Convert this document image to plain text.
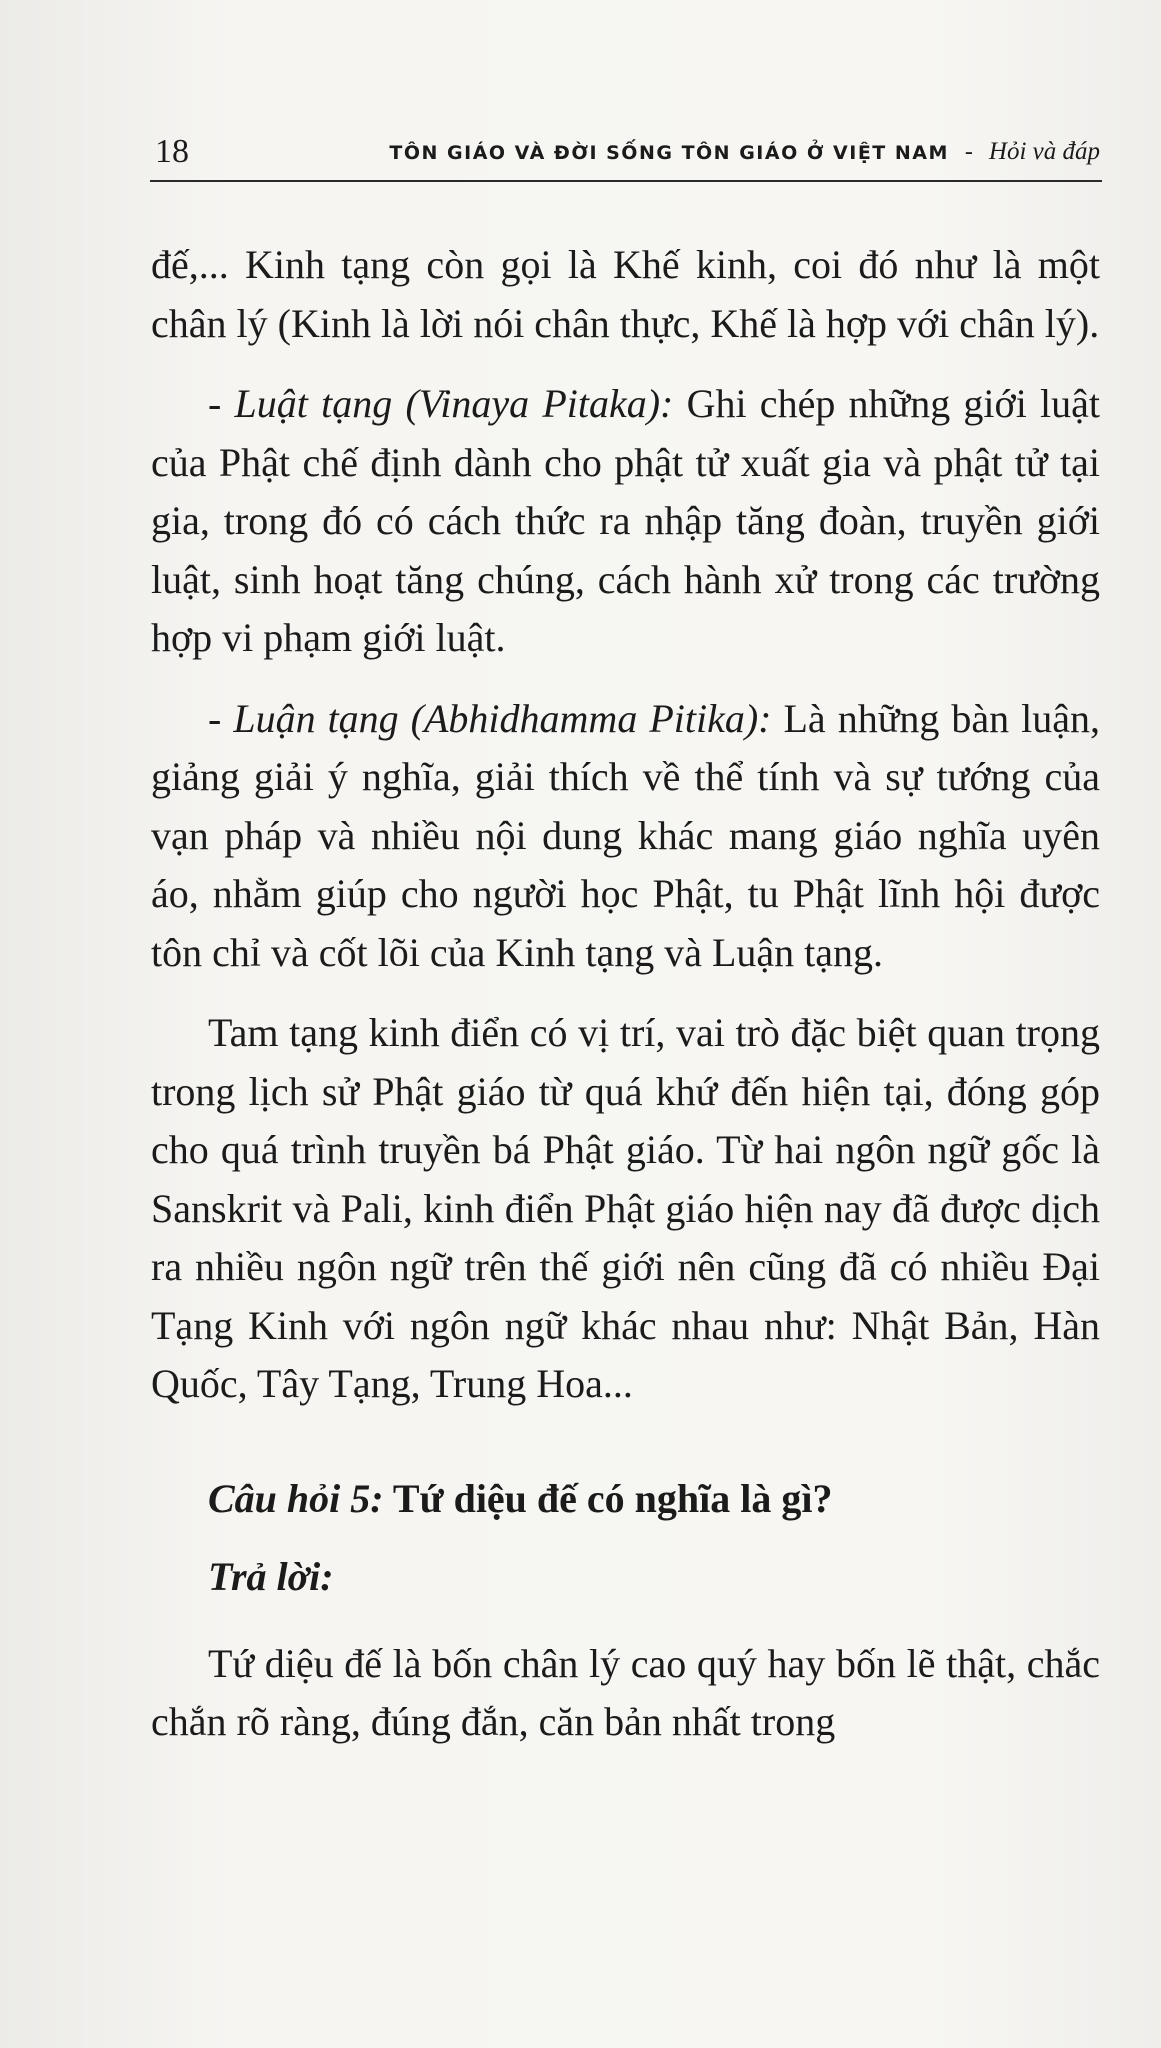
18	TÔN GIÁO VÀ ĐỜI SỐNG TÔN GIÁO Ở VIỆT NAM - Hỏi và đáp

đế,... Kinh tạng còn gọi là Khế kinh, coi đó như là một chân lý (Kinh là lời nói chân thực, Khế là hợp với chân lý).

- Luật tạng (Vinaya Pitaka): Ghi chép những giới luật của Phật chế định dành cho phật tử xuất gia và phật tử tại gia, trong đó có cách thức ra nhập tăng đoàn, truyền giới luật, sinh hoạt tăng chúng, cách hành xử trong các trường hợp vi phạm giới luật.

- Luận tạng (Abhidhamma Pitika): Là những bàn luận, giảng giải ý nghĩa, giải thích về thể tính và sự tướng của vạn pháp và nhiều nội dung khác mang giáo nghĩa uyên áo, nhằm giúp cho người học Phật, tu Phật lĩnh hội được tôn chỉ và cốt lõi của Kinh tạng và Luận tạng.

Tam tạng kinh điển có vị trí, vai trò đặc biệt quan trọng trong lịch sử Phật giáo từ quá khứ đến hiện tại, đóng góp cho quá trình truyền bá Phật giáo. Từ hai ngôn ngữ gốc là Sanskrit và Pali, kinh điển Phật giáo hiện nay đã được dịch ra nhiều ngôn ngữ trên thế giới nên cũng đã có nhiều Đại Tạng Kinh với ngôn ngữ khác nhau như: Nhật Bản, Hàn Quốc, Tây Tạng, Trung Hoa...

Câu hỏi 5: Tứ diệu đế có nghĩa là gì?

Trả lời:

Tứ diệu đế là bốn chân lý cao quý hay bốn lẽ thật, chắc chắn rõ ràng, đúng đắn, căn bản nhất trong
